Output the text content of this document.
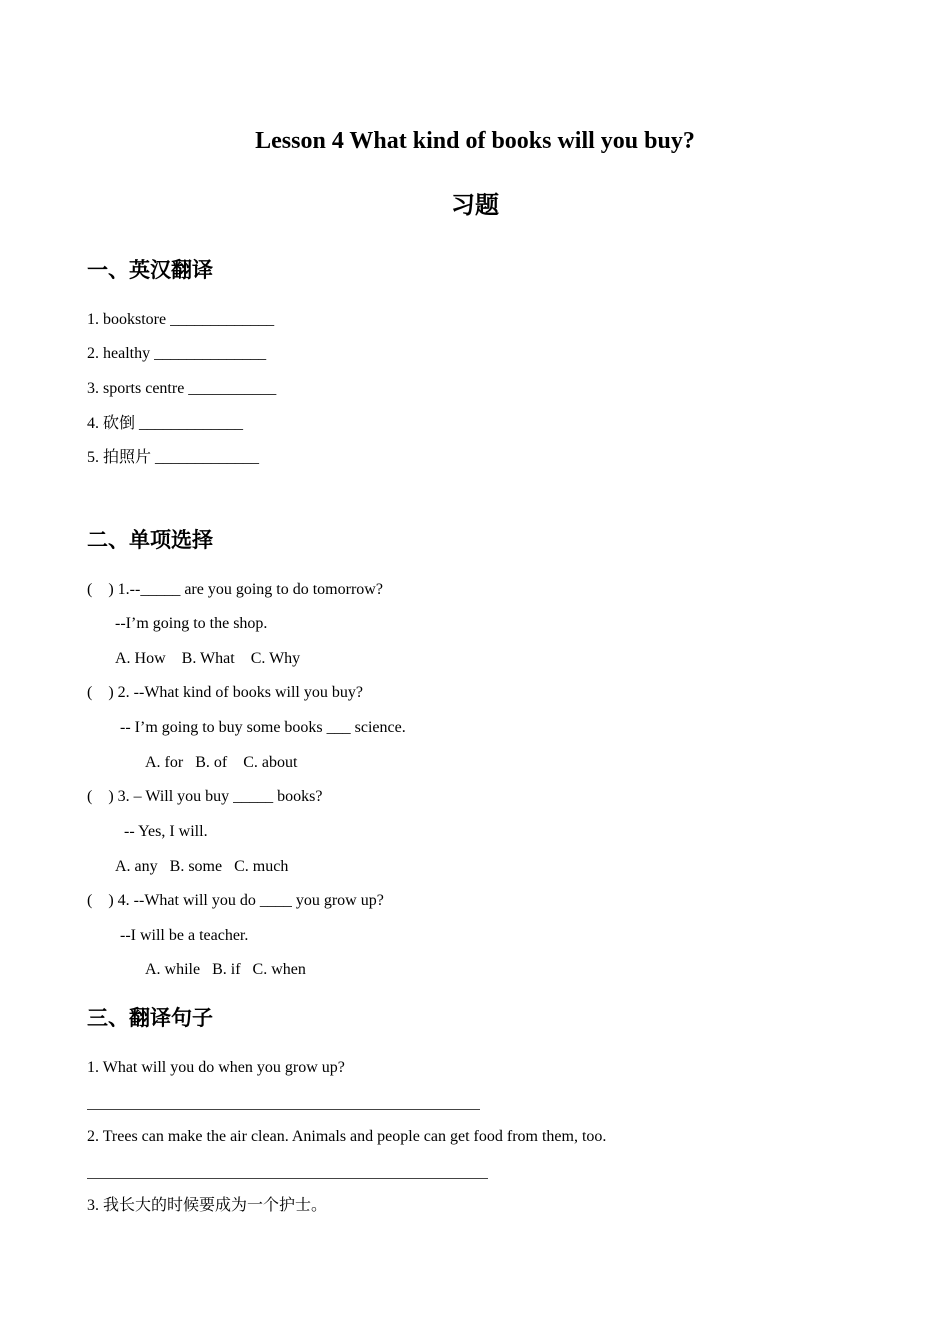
Lesson 4 What kind of books will you buy?
习题
一、英汉翻译
1. bookstore _____________
2. healthy ______________
3. sports centre ___________
4. 砍倒 _____________
5. 拍照片 _____________
二、单项选择
(    ) 1.--_____ are you going to do tomorrow?
--I’m going to the shop.
A. How    B. What    C. Why
(    ) 2. --What kind of books will you buy?
-- I’m going to buy some books ___ science.
A. for   B. of    C. about
(    ) 3. – Will you buy _____ books?
-- Yes, I will.
A. any   B. some   C. much
(    ) 4. --What will you do ____ you grow up?
--I will be a teacher.
A. while   B. if   C. when
三、翻译句子
1. What will you do when you grow up?
2. Trees can make the air clean. Animals and people can get food from them, too.
3. 我长大的时候要成为一个护士。
